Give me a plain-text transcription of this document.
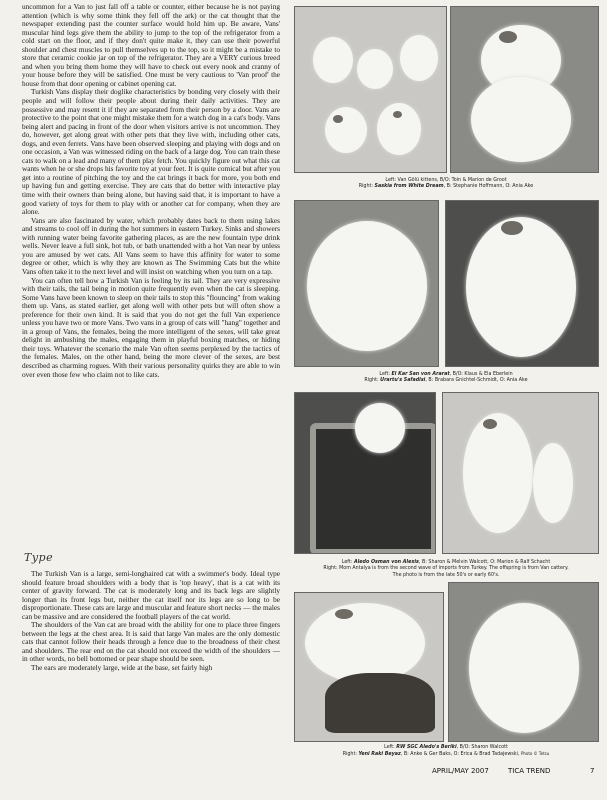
uncommon for a Van to just fall off a table or counter, either because he is not paying attention (which is why some think they fell off the ark) or the cat thought that the newspaper extending past the counter surface would hold him up. Be aware, Vans' muscular hind legs give them the ability to jump to the top of the refrigerator from a cold start on the floor, and if they don't quite make it, they can use their powerful shoulder and chest muscles to pull themselves up to the top, so it might be a mistake to store that ceramic cookie jar on top of the refrigerator. They are a VERY curious breed and when you bring them home they will have to check out every nook and cranny of your house before they will be satisfied. One must be very cautious to 'Van proof' the house from that door opening or cabinet opening cat.

Turkish Vans display their doglike characteristics by bonding very closely with their people and will follow their people about during their daily activities. They are possessive and may resent it if they are separated from their person by a door. Vans are protective to the point that one might mistake them for a watch dog in a cat's body. Vans being alert and pacing in front of the door when visitors arrive is not uncommon. They do, however, get along great with other pets that they live with, including other cats, dogs, and even ferrets. Vans have been observed sleeping and playing with dogs and on one occasion, a Van was witnessed riding on the back of a large dog. You can train these cats to walk on a lead and many of them play fetch. You quickly figure out what this cat wants when he or she drops his favorite toy at your feet. It is quite comical but after you get into a routine of pitching the toy and the cat brings it back for more, you both end up having fun and getting exercise. They are cats that do better with interactive play time with their owners than being alone, but having said that, it is important to have a good variety of toys for them to play with or another cat for company, when they are alone.

Vans are also fascinated by water, which probably dates back to them using lakes and streams to cool off in during the hot summers in eastern Turkey. Sinks and showers with running water being favorite gathering places, as are the new fountain type drink wells. Never leave a full sink, hot tub, or bath unattended with a hot Van near by unless you are amused by wet cats. All Vans seem to have this affinity for water to some degree or other, which is why they are known as The Swimming Cats but the white Vans often take it to the next level and will insist on watching when you turn on a tap.

You can often tell how a Turkish Van is feeling by its tail. They are very expressive with their tails, the tail being in motion quite frequently even when the cat is sleeping. Some Vans have been known to sleep on their tails to stop this "flouncing" from waking them up. Vans, as stated earlier, get along well with other pets but will often show a preference for their own kind. It is said that you do not get the full Van experience unless you have two or more Vans. Two vans in a group of cats will "hang" together and in a group of Vans, the females, being the more intelligent of the sexes, will take great delight in ambushing the males, engaging them in playful boxing matches, or hiding their toys. Whatever the scenario the male Van often seems perplexed by the tactics of the females. Males, on the other hand, being the more clever of the sexes, are best described as charming rogues. With their various personality quirks they are able to win over even those few who claim not to like cats.

Type

The Turkish Van is a large, semi-longhaired cat with a swimmer's body. Ideal type should feature broad shoulders with a body that is 'top heavy', that is a cat with its center of gravity forward. The cat is moderately long and its back legs are slightly longer than its front legs but, neither the cat itself nor its legs are so long to be disproportionate. These cats are large and muscular and feature short necks — the males can be massive and are considered the football players of the cat world.

The shoulders of the Van cat are broad with the ability for one to place three fingers between the legs at the chest area. It is said that large Van males are the only domestic cats that cannot follow their heads through a fence due to the broadness of their chest and shoulders. The rear end on the cat should not exceed the width of the shoulders — in other words, no bell bottomed or pear shape should be seen.

The ears are moderately large, wide at the base, set fairly high

Left: Van Gölü kittens, B/O: Toin & Marion de Groot
Right: Saskia from White Dream, B: Stephanie Hoffmann, O: Ania Ake
Left: El Kar San von Ararat, B/O: Klaus & Ela Eberlein
Right: Urartu's Safadisi, B: Brabara Gnichtel-Schmidt, O: Ania Ake
Left: Aledo Osman von Alexis, B: Sharon & Melvin Walcott, O: Marion & Ralf Schacht
Right: Mom Antalya is from the second wave of imports from Turkey. The offspring is from Van cattery.
The photo is from the late 50's or early 60's.
Left: RW SGC Aledo's Beriki, B/O: Sharon Walcott
Right: Yeni Raki Beyaz, B: Anke & Ger Baks, O: Erica & Brad Tadajewski, Photo © Tetsu
APRIL/MAY 2007	TICA TREND	7
